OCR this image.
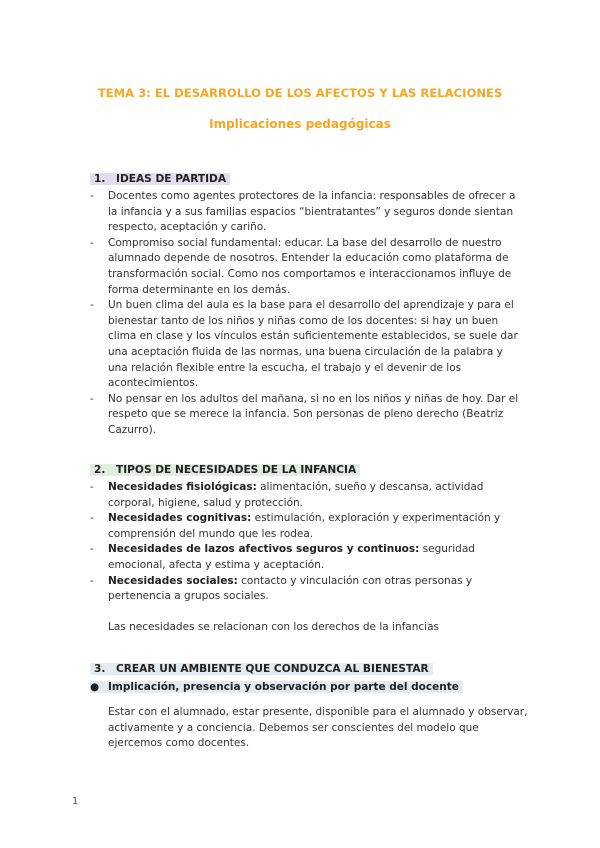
TEMA 3: EL DESARROLLO DE LOS AFECTOS Y LAS RELACIONES
Implicaciones pedagógicas
1. IDEAS DE PARTIDA
- Docentes como agentes protectores de la infancia: responsables de ofrecer a la infancia y a sus familias espacios “bientratantes” y seguros donde sientan respecto, aceptación y cariño.
- Compromiso social fundamental: educar. La base del desarrollo de nuestro alumnado depende de nosotros. Entender la educación como plataforma de transformación social. Como nos comportamos e interaccionamos influye de forma determinante en los demás.
- Un buen clima del aula es la base para el desarrollo del aprendizaje y para el bienestar tanto de los niños y niñas como de los docentes: si hay un buen clima en clase y los vínculos están suficientemente establecidos, se suele dar una aceptación fluida de las normas, una buena circulación de la palabra y una relación flexible entre la escucha, el trabajo y el devenir de los acontecimientos.
- No pensar en los adultos del mañana, si no en los niños y niñas de hoy. Dar el respeto que se merece la infancia. Son personas de pleno derecho (Beatriz Cazurro).
2. TIPOS DE NECESIDADES DE LA INFANCIA
- Necesidades fisiológicas: alimentación, sueño y descansa, actividad corporal, higiene, salud y protección.
- Necesidades cognitivas: estimulación, exploración y experimentación y comprensión del mundo que les rodea.
- Necesidades de lazos afectivos seguros y continuos: seguridad emocional, afecta y estima y aceptación.
- Necesidades sociales: contacto y vinculación con otras personas y pertenencia a grupos sociales.
Las necesidades se relacionan con los derechos de la infancias
3. CREAR UN AMBIENTE QUE CONDUZCA AL BIENESTAR
● Implicación, presencia y observación por parte del docente
Estar con el alumnado, estar presente, disponible para el alumnado y observar, activamente y a conciencia. Debemos ser conscientes del modelo que ejercemos como docentes.
1
